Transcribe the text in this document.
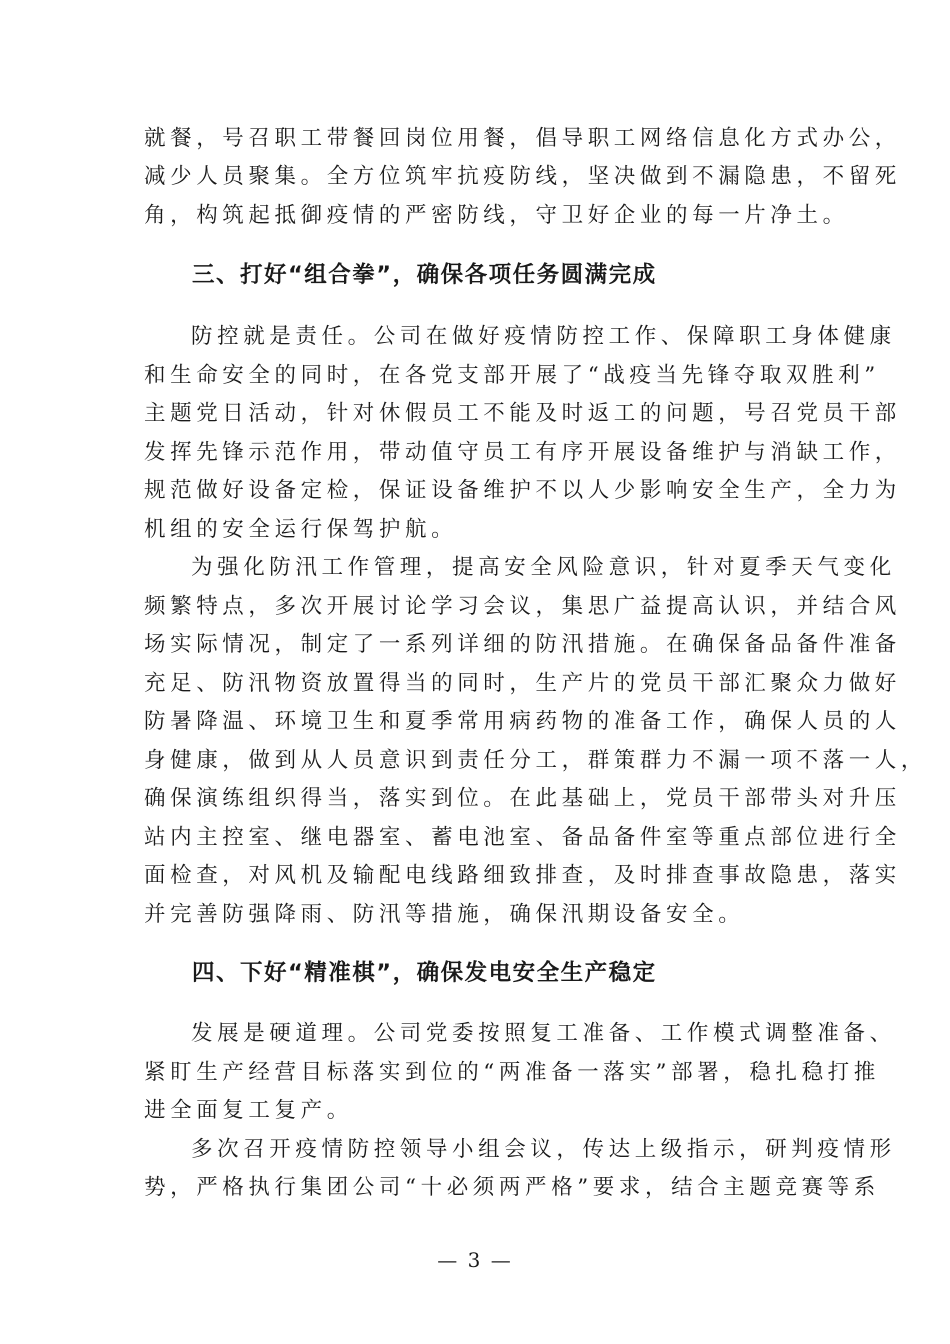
就餐，号召职工带餐回岗位用餐，倡导职工网络信息化方式办公，
减少人员聚集。全方位筑牢抗疫防线，坚决做到不漏隐患，不留死
角，构筑起抵御疫情的严密防线，守卫好企业的每一片净土。
三、打好“组合拳”，确保各项任务圆满完成
防控就是责任。公司在做好疫情防控工作、保障职工身体健康
和生命安全的同时，在各党支部开展了“战疫当先锋夺取双胜利”
主题党日活动，针对休假员工不能及时返工的问题，号召党员干部
发挥先锋示范作用，带动值守员工有序开展设备维护与消缺工作，
规范做好设备定检，保证设备维护不以人少影响安全生产，全力为
机组的安全运行保驾护航。
为强化防汛工作管理，提高安全风险意识，针对夏季天气变化
频繁特点，多次开展讨论学习会议，集思广益提高认识，并结合风
场实际情况，制定了一系列详细的防汛措施。在确保备品备件准备
充足、防汛物资放置得当的同时，生产片的党员干部汇聚众力做好
防暑降温、环境卫生和夏季常用病药物的准备工作，确保人员的人
身健康，做到从人员意识到责任分工，群策群力不漏一项不落一人，
确保演练组织得当，落实到位。在此基础上，党员干部带头对升压
站内主控室、继电器室、蓄电池室、备品备件室等重点部位进行全
面检查，对风机及输配电线路细致排查，及时排查事故隐患，落实
并完善防强降雨、防汛等措施，确保汛期设备安全。
四、下好“精准棋”，确保发电安全生产稳定
发展是硬道理。公司党委按照复工准备、工作模式调整准备、
紧盯生产经营目标落实到位的“两准备一落实”部署，稳扎稳打推
进全面复工复产。
多次召开疫情防控领导小组会议，传达上级指示，研判疫情形
势，严格执行集团公司“十必须两严格”要求，结合主题竞赛等系
— 3 —
